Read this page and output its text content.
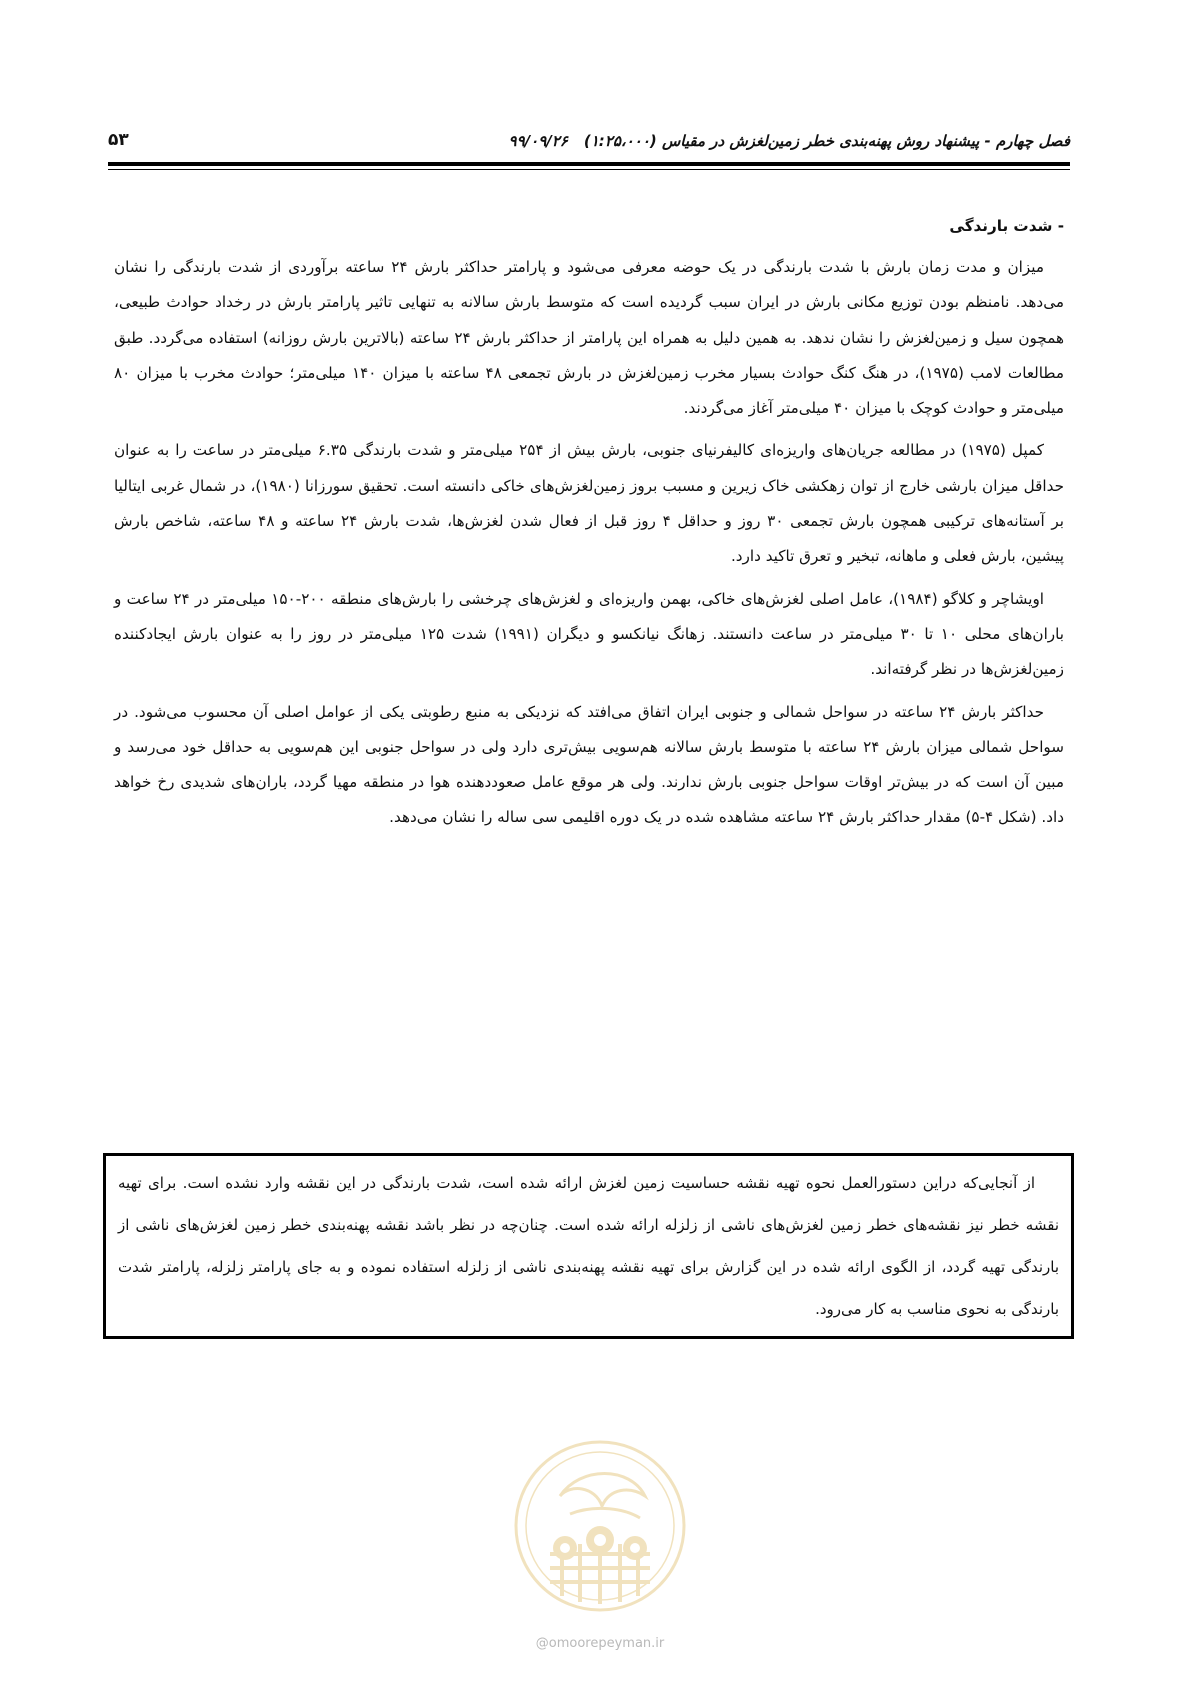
فصل چهارم - پیشنهاد روش پهنه‌بندی خطر زمین‌لغزش در مقیاس (۱:۲۵،۰۰۰)۹۹/۰۹/۲۶
۵۳
- شدت بارندگی

میزان و مدت زمان بارش با شدت بارندگی در یک حوضه معرفی می‌شود و پارامتر حداکثر بارش ۲۴ ساعته برآوردی از شدت بارندگی را نشان می‌دهد. نامنظم بودن توزیع مکانی بارش در ایران سبب گردیده است که متوسط بارش سالانه به تنهایی تاثیر پارامتر بارش در رخداد حوادث طبیعی، همچون سیل و زمین‌لغزش را نشان ندهد. به همین دلیل به همراه این پارامتر از حداکثر بارش ۲۴ ساعته (بالاترین بارش روزانه) استفاده می‌گردد. طبق مطالعات لامب (۱۹۷۵)، در هنگ کنگ حوادث بسیار مخرب زمین‌لغزش در بارش تجمعی ۴۸ ساعته با میزان ۱۴۰ میلی‌متر؛ حوادث مخرب با میزان ۸۰ میلی‌متر و حوادث کوچک با میزان ۴۰ میلی‌متر آغاز می‌گردند.

کمپل (۱۹۷۵) در مطالعه جریان‌های واریزه‌ای کالیفرنیای جنوبی، بارش بیش از ۲۵۴ میلی‌متر و شدت بارندگی ۶.۳۵ میلی‌متر در ساعت را به عنوان حداقل میزان بارشی خارج از توان زهکشی خاک زیرین و مسبب بروز زمین‌لغزش‌های خاکی دانسته است. تحقیق سورزانا (۱۹۸۰)، در شمال غربی ایتالیا بر آستانه‌های ترکیبی همچون بارش تجمعی ۳۰ روز و حداقل ۴ روز قبل از فعال شدن لغزش‌ها، شدت بارش ۲۴ ساعته و ۴۸ ساعته، شاخص بارش پیشین، بارش فعلی و ماهانه، تبخیر و تعرق تاکید دارد.

اویشاچر و کلاگو (۱۹۸۴)، عامل اصلی لغزش‌های خاکی، بهمن واریزه‌ای و لغزش‌های چرخشی را بارش‌های منطقه ۲۰۰-۱۵۰ میلی‌متر در ۲۴ ساعت و باران‌های محلی ۱۰ تا ۳۰ میلی‌متر در ساعت دانستند. زهانگ نیانکسو و دیگران (۱۹۹۱) شدت ۱۲۵ میلی‌متر در روز را به عنوان بارش ایجادکننده زمین‌لغزش‌ها در نظر گرفته‌اند.

حداکثر بارش ۲۴ ساعته در سواحل شمالی و جنوبی ایران اتفاق می‌افتد که نزدیکی به منبع رطوبتی یکی از عوامل اصلی آن محسوب می‌شود. در سواحل شمالی میزان بارش ۲۴ ساعته با متوسط بارش سالانه هم‌سویی بیش‌تری دارد ولی در سواحل جنوبی این هم‌سویی به حداقل خود می‌رسد و مبین آن است که در بیش‌تر اوقات سواحل جنوبی بارش ندارند. ولی هر موقع عامل صعوددهنده هوا در منطقه مهیا گردد، باران‌های شدیدی رخ خواهد داد. (شکل ۴-۵) مقدار حداکثر بارش ۲۴ ساعته مشاهده شده در یک دوره اقلیمی سی ساله را نشان می‌دهد.

از آنجایی‌که دراین دستورالعمل نحوه تهیه نقشه حساسیت زمین لغزش ارائه شده است، شدت بارندگی در این نقشه وارد نشده است. برای تهیه نقشه خطر نیز نقشه‌های خطر زمین لغزش‌های ناشی از زلزله ارائه شده است. چنان‌چه در نظر باشد نقشه پهنه‌بندی خطر زمین لغزش‌های ناشی از بارندگی تهیه گردد، از الگوی ارائه شده در این گزارش برای تهیه نقشه پهنه‌بندی ناشی از زلزله استفاده نموده و به جای پارامتر زلزله، پارامتر شدت بارندگی به نحوی مناسب به کار می‌رود.

@omoorepeyman.ir
